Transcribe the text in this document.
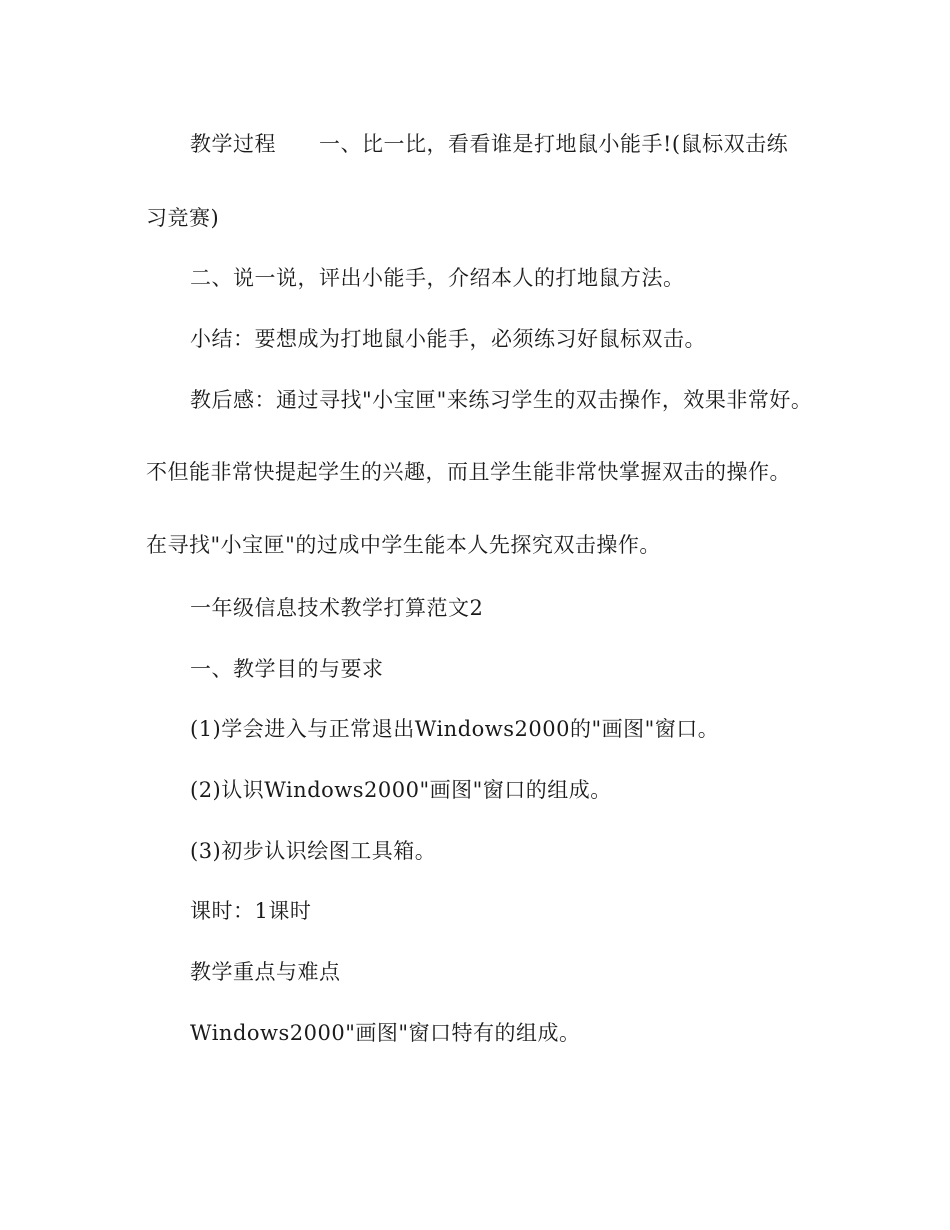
教学过程　　一、比一比，看看谁是打地鼠小能手!(鼠标双击练
习竞赛)
二、说一说，评出小能手，介绍本人的打地鼠方法。
小结：要想成为打地鼠小能手，必须练习好鼠标双击。
教后感：通过寻找"小宝匣"来练习学生的双击操作，效果非常好。
不但能非常快提起学生的兴趣，而且学生能非常快掌握双击的操作。
在寻找"小宝匣"的过成中学生能本人先探究双击操作。
一年级信息技术教学打算范文2
一、教学目的与要求
(1)学会进入与正常退出Windows2000的"画图"窗口。
(2)认识Windows2000"画图"窗口的组成。
(3)初步认识绘图工具箱。
课时：1课时
教学重点与难点
Windows2000"画图"窗口特有的组成。
